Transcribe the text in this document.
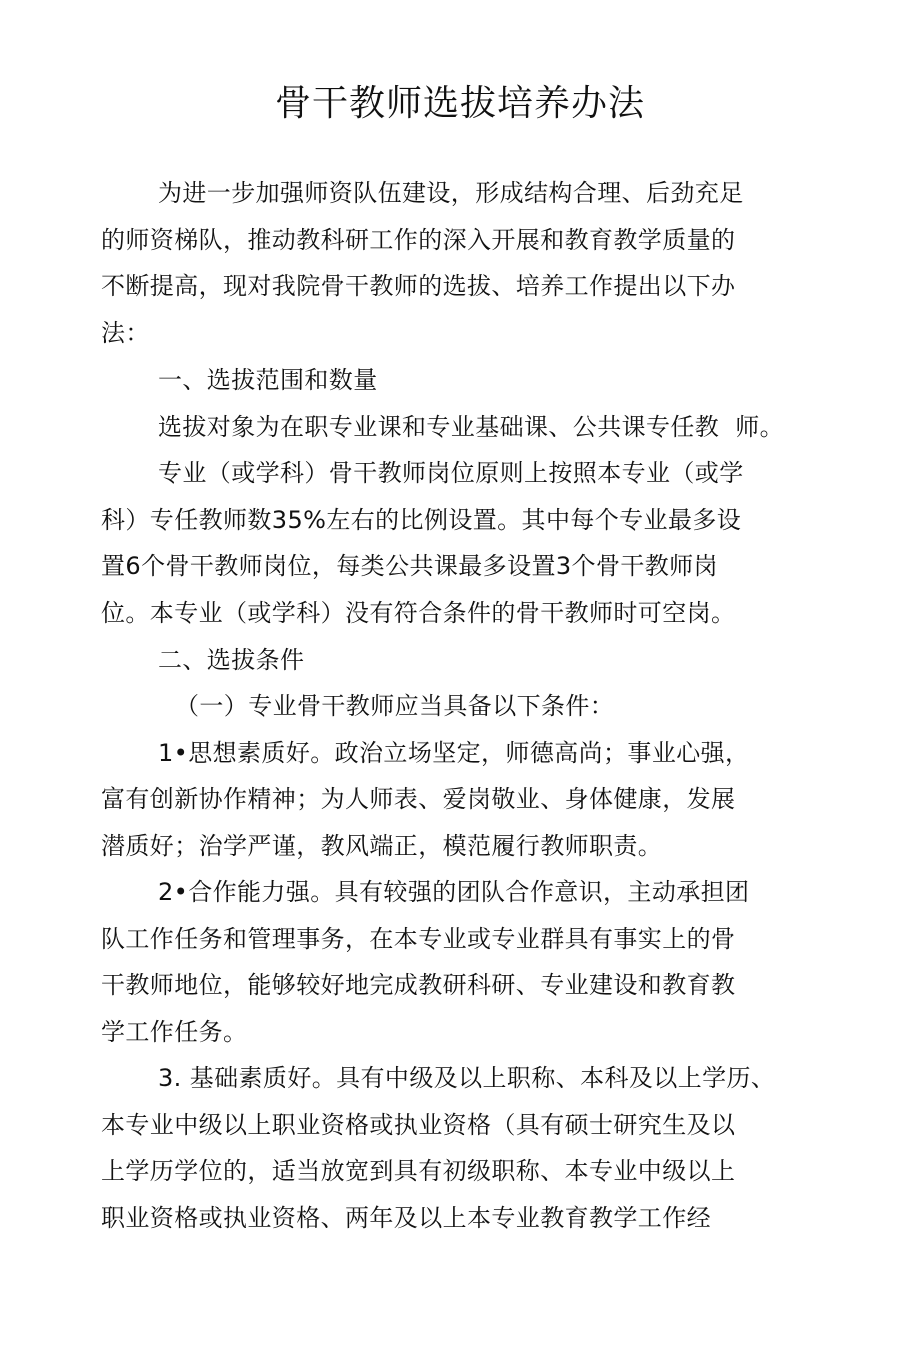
骨干教师选拔培养办法
为进一步加强师资队伍建设，形成结构合理、后劲充足
的师资梯队，推动教科研工作的深入开展和教育教学质量的
不断提高，现对我院骨干教师的选拔、培养工作提出以下办
法：
一、选拔范围和数量
选拔对象为在职专业课和专业基础课、公共课专任教  师。
专业（或学科）骨干教师岗位原则上按照本专业（或学
科）专任教师数35%左右的比例设置。其中每个专业最多设
置6个骨干教师岗位，每类公共课最多设置3个骨干教师岗
位。本专业（或学科）没有符合条件的骨干教师时可空岗。
二、选拔条件
（一）专业骨干教师应当具备以下条件：
1•思想素质好。政治立场坚定，师德高尚；事业心强，
富有创新协作精神；为人师表、爱岗敬业、身体健康，发展
潜质好；治学严谨，教风端正，模范履行教师职责。
2•合作能力强。具有较强的团队合作意识，主动承担团
队工作任务和管理事务，在本专业或专业群具有事实上的骨
干教师地位，能够较好地完成教研科研、专业建设和教育教
学工作任务。
3. 基础素质好。具有中级及以上职称、本科及以上学历、
本专业中级以上职业资格或执业资格（具有硕士研究生及以
上学历学位的，适当放宽到具有初级职称、本专业中级以上
职业资格或执业资格、两年及以上本专业教育教学工作经
